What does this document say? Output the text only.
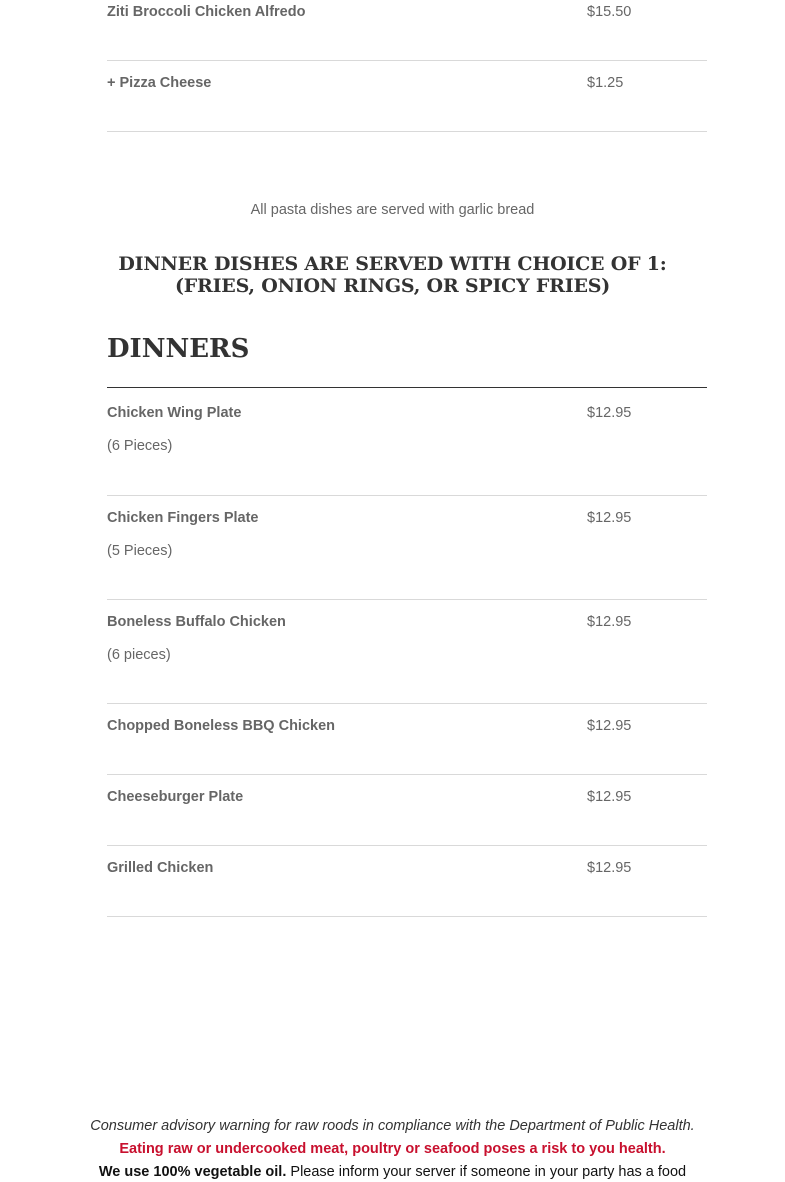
Ziti Broccoli Chicken Alfredo	$15.50
+ Pizza Cheese	$1.25
All pasta dishes are served with garlic bread
DINNER DISHES ARE SERVED WITH CHOICE OF 1: (FRIES, ONION RINGS, OR SPICY FRIES)
DINNERS
Chicken Wing Plate	$12.95
(6 Pieces)
Chicken Fingers Plate	$12.95
(5 Pieces)
Boneless Buffalo Chicken	$12.95
(6 pieces)
Chopped Boneless BBQ Chicken	$12.95
Cheeseburger Plate	$12.95
Grilled Chicken	$12.95
Consumer advisory warning for raw roods in compliance with the Department of Public Health.
Eating raw or undercooked meat, poultry or seafood poses a risk to you health.
We use 100% vegetable oil. Please inform your server if someone in your party has a food
